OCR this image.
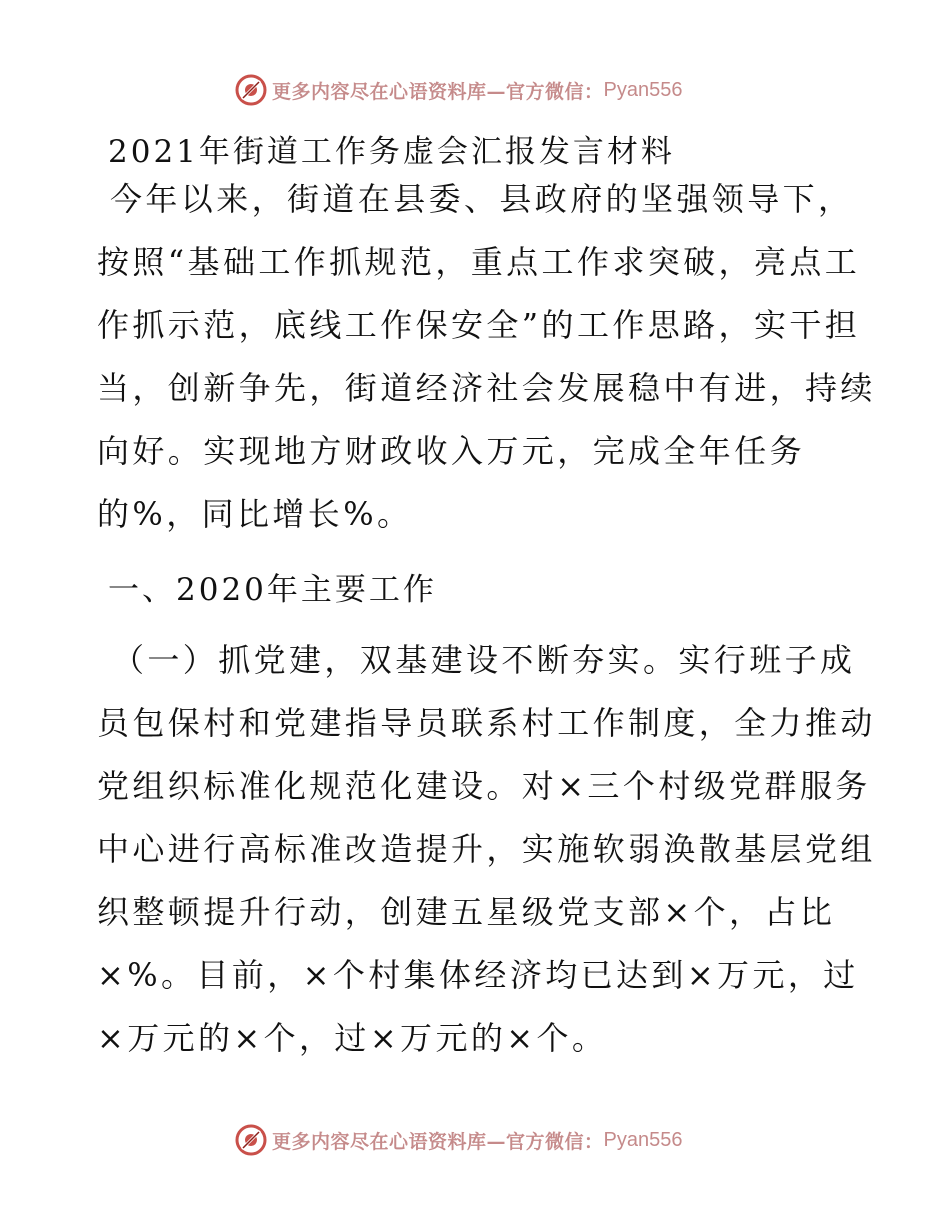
更多内容尽在心语资料库—官方微信： Pyan556
2021年街道工作务虚会汇报发言材料
今年以来，街道在县委、县政府的坚强领导下，
按照“基础工作抓规范，重点工作求突破，亮点工
作抓示范，底线工作保安全”的工作思路，实干担
当，创新争先，街道经济社会发展稳中有进，持续
向好。实现地方财政收入万元，完成全年任务
的%，同比增长%。
一、2020年主要工作
（一）抓党建，双基建设不断夯实。实行班子成
员包保村和党建指导员联系村工作制度，全力推动
党组织标准化规范化建设。对×三个村级党群服务
中心进行高标准改造提升，实施软弱涣散基层党组
织整顿提升行动，创建五星级党支部×个，占比
×%。目前，×个村集体经济均已达到×万元，过
×万元的×个，过×万元的×个。
更多内容尽在心语资料库—官方微信： Pyan556
